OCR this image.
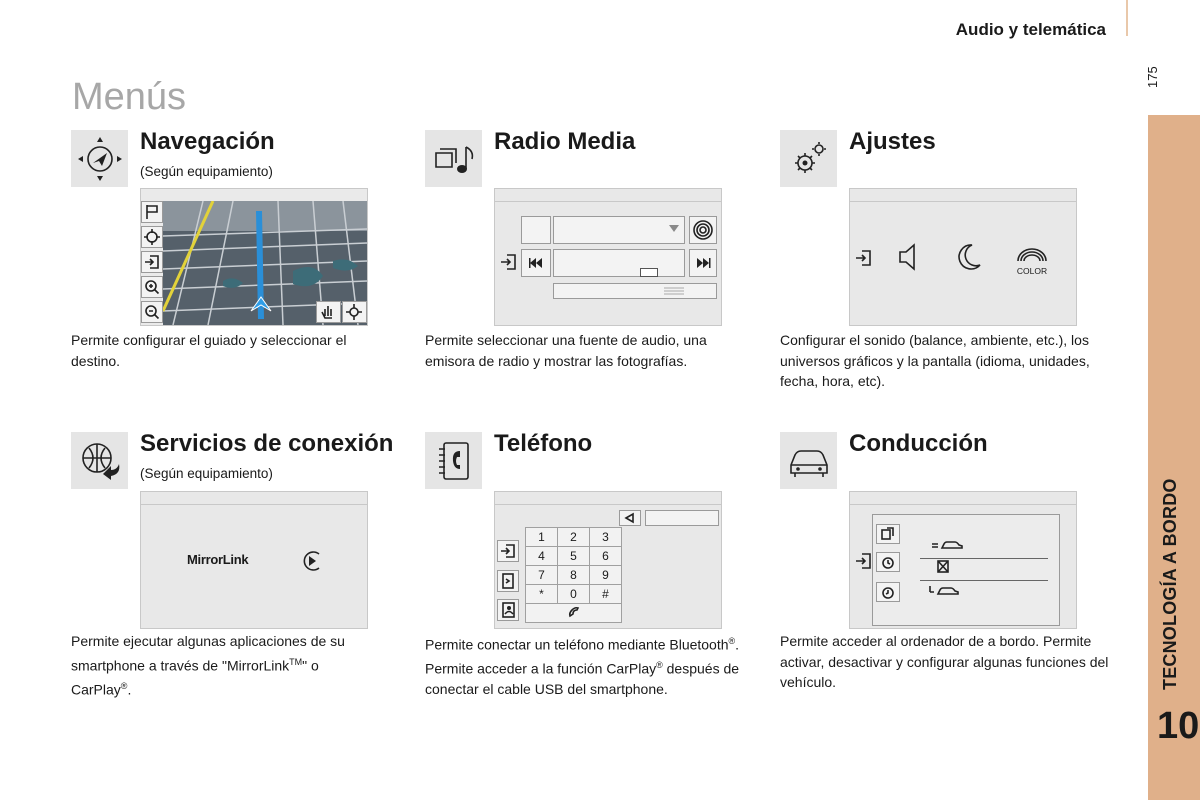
Audio y telemática
175
TECNOLOGÍA A BORDO
10
Menús
Navegación
(Según equipamiento)
Permite configurar el guiado y seleccionar el destino.
Radio Media
Permite seleccionar una fuente de audio, una emisora de radio y mostrar las fotografías.
Ajustes
COLOR
Configurar el sonido (balance, ambiente, etc.), los universos gráficos y la pantalla (idioma, unidades, fecha, hora, etc).
Servicios de conexión
(Según equipamiento)
MirrorLink
Permite ejecutar algunas aplicaciones de su smartphone a través de "MirrorLink™" o CarPlay®.
Teléfono
1	2	3
4	5	6
7	8	9
*	0	#

Permite conectar un teléfono mediante Bluetooth®.
Permite acceder a la función CarPlay® después de conectar el cable USB del smartphone.
Conducción
Permite acceder al ordenador de a bordo. Permite activar, desactivar y configurar algunas funciones del vehículo.
